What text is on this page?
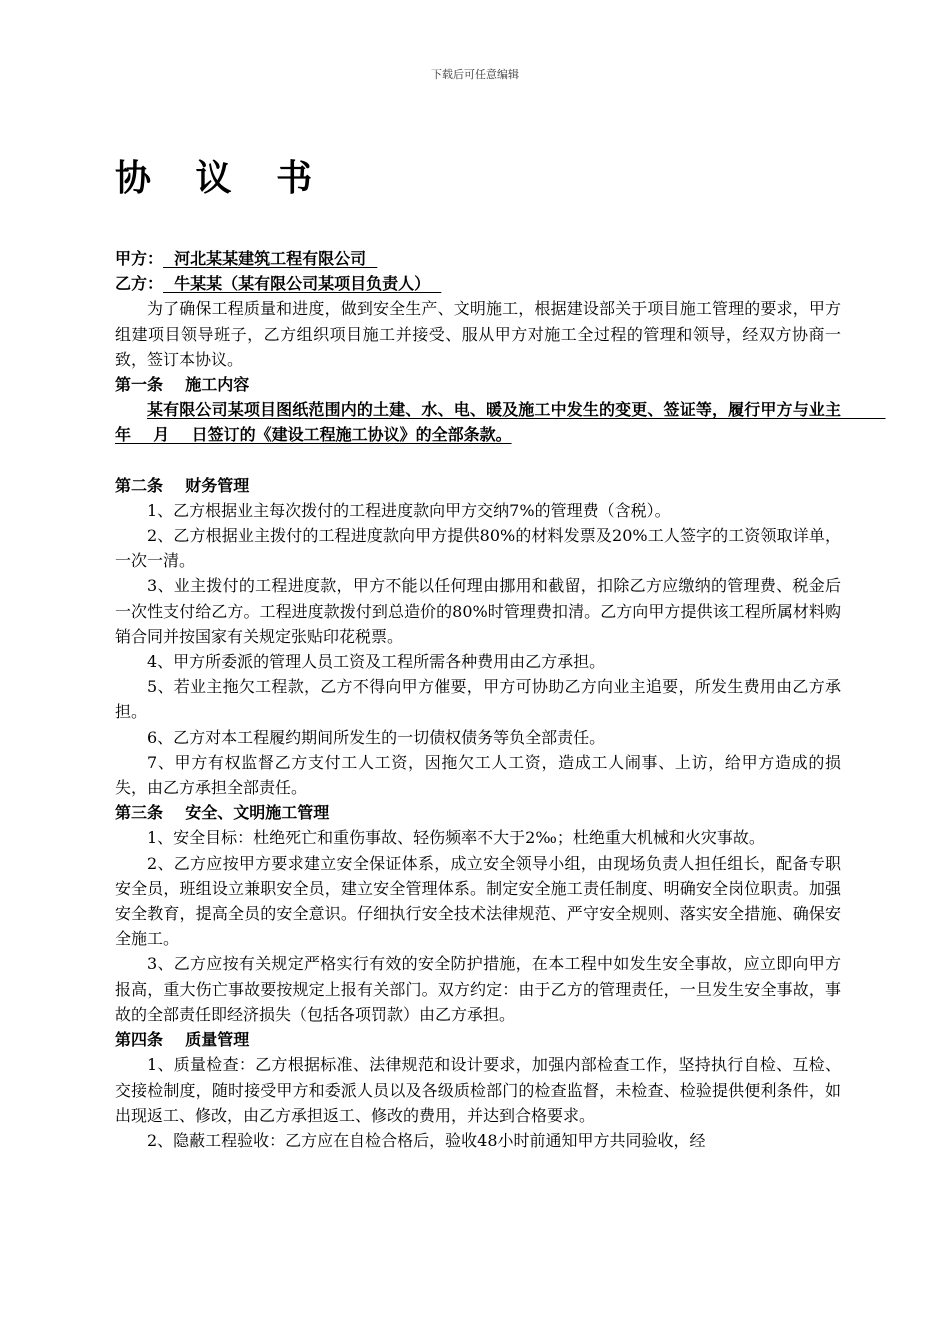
下载后可任意编辑
协 议 书

甲方：  河北某某建筑工程有限公司

乙方：  牛某某（某有限公司某项目负责人）

为了确保工程质量和进度，做到安全生产、文明施工，根据建设部关于项目施工管理的要求，甲方组建项目领导班子，乙方组织项目施工并接受、服从甲方对施工全过程的管理和领导，经双方协商一致，签订本协议。

第一条    施工内容

某有限公司某项目图纸范围内的土建、水、电、暖及施工中发生的变更、签证等，履行甲方与业主        年    月    日签订的《建设工程施工协议》的全部条款。

第二条    财务管理

1、乙方根据业主每次拨付的工程进度款向甲方交纳7%的管理费（含税）。

2、乙方根据业主拨付的工程进度款向甲方提供80%的材料发票及20%工人签字的工资领取详单，一次一清。

3、业主拨付的工程进度款，甲方不能以任何理由挪用和截留，扣除乙方应缴纳的管理费、税金后一次性支付给乙方。工程进度款拨付到总造价的80%时管理费扣清。乙方向甲方提供该工程所属材料购销合同并按国家有关规定张贴印花税票。

4、甲方所委派的管理人员工资及工程所需各种费用由乙方承担。

5、若业主拖欠工程款，乙方不得向甲方催要，甲方可协助乙方向业主追要，所发生费用由乙方承担。

6、乙方对本工程履约期间所发生的一切债权债务等负全部责任。

7、甲方有权监督乙方支付工人工资，因拖欠工人工资，造成工人闹事、上访，给甲方造成的损失，由乙方承担全部责任。

第三条    安全、文明施工管理

1、安全目标：杜绝死亡和重伤事故、轻伤频率不大于2‰；杜绝重大机械和火灾事故。

2、乙方应按甲方要求建立安全保证体系，成立安全领导小组，由现场负责人担任组长，配备专职安全员，班组设立兼职安全员，建立安全管理体系。制定安全施工责任制度、明确安全岗位职责。加强安全教育，提高全员的安全意识。仔细执行安全技术法律规范、严守安全规则、落实安全措施、确保安全施工。

3、乙方应按有关规定严格实行有效的安全防护措施，在本工程中如发生安全事故，应立即向甲方报高，重大伤亡事故要按规定上报有关部门。双方约定：由于乙方的管理责任，一旦发生安全事故，事故的全部责任即经济损失（包括各项罚款）由乙方承担。

第四条    质量管理

1、质量检查：乙方根据标准、法律规范和设计要求，加强内部检查工作，坚持执行自检、互检、交接检制度，随时接受甲方和委派人员以及各级质检部门的检查监督，未检查、检验提供便利条件，如出现返工、修改，由乙方承担返工、修改的费用，并达到合格要求。

2、隐蔽工程验收：乙方应在自检合格后，验收48小时前通知甲方共同验收，经
